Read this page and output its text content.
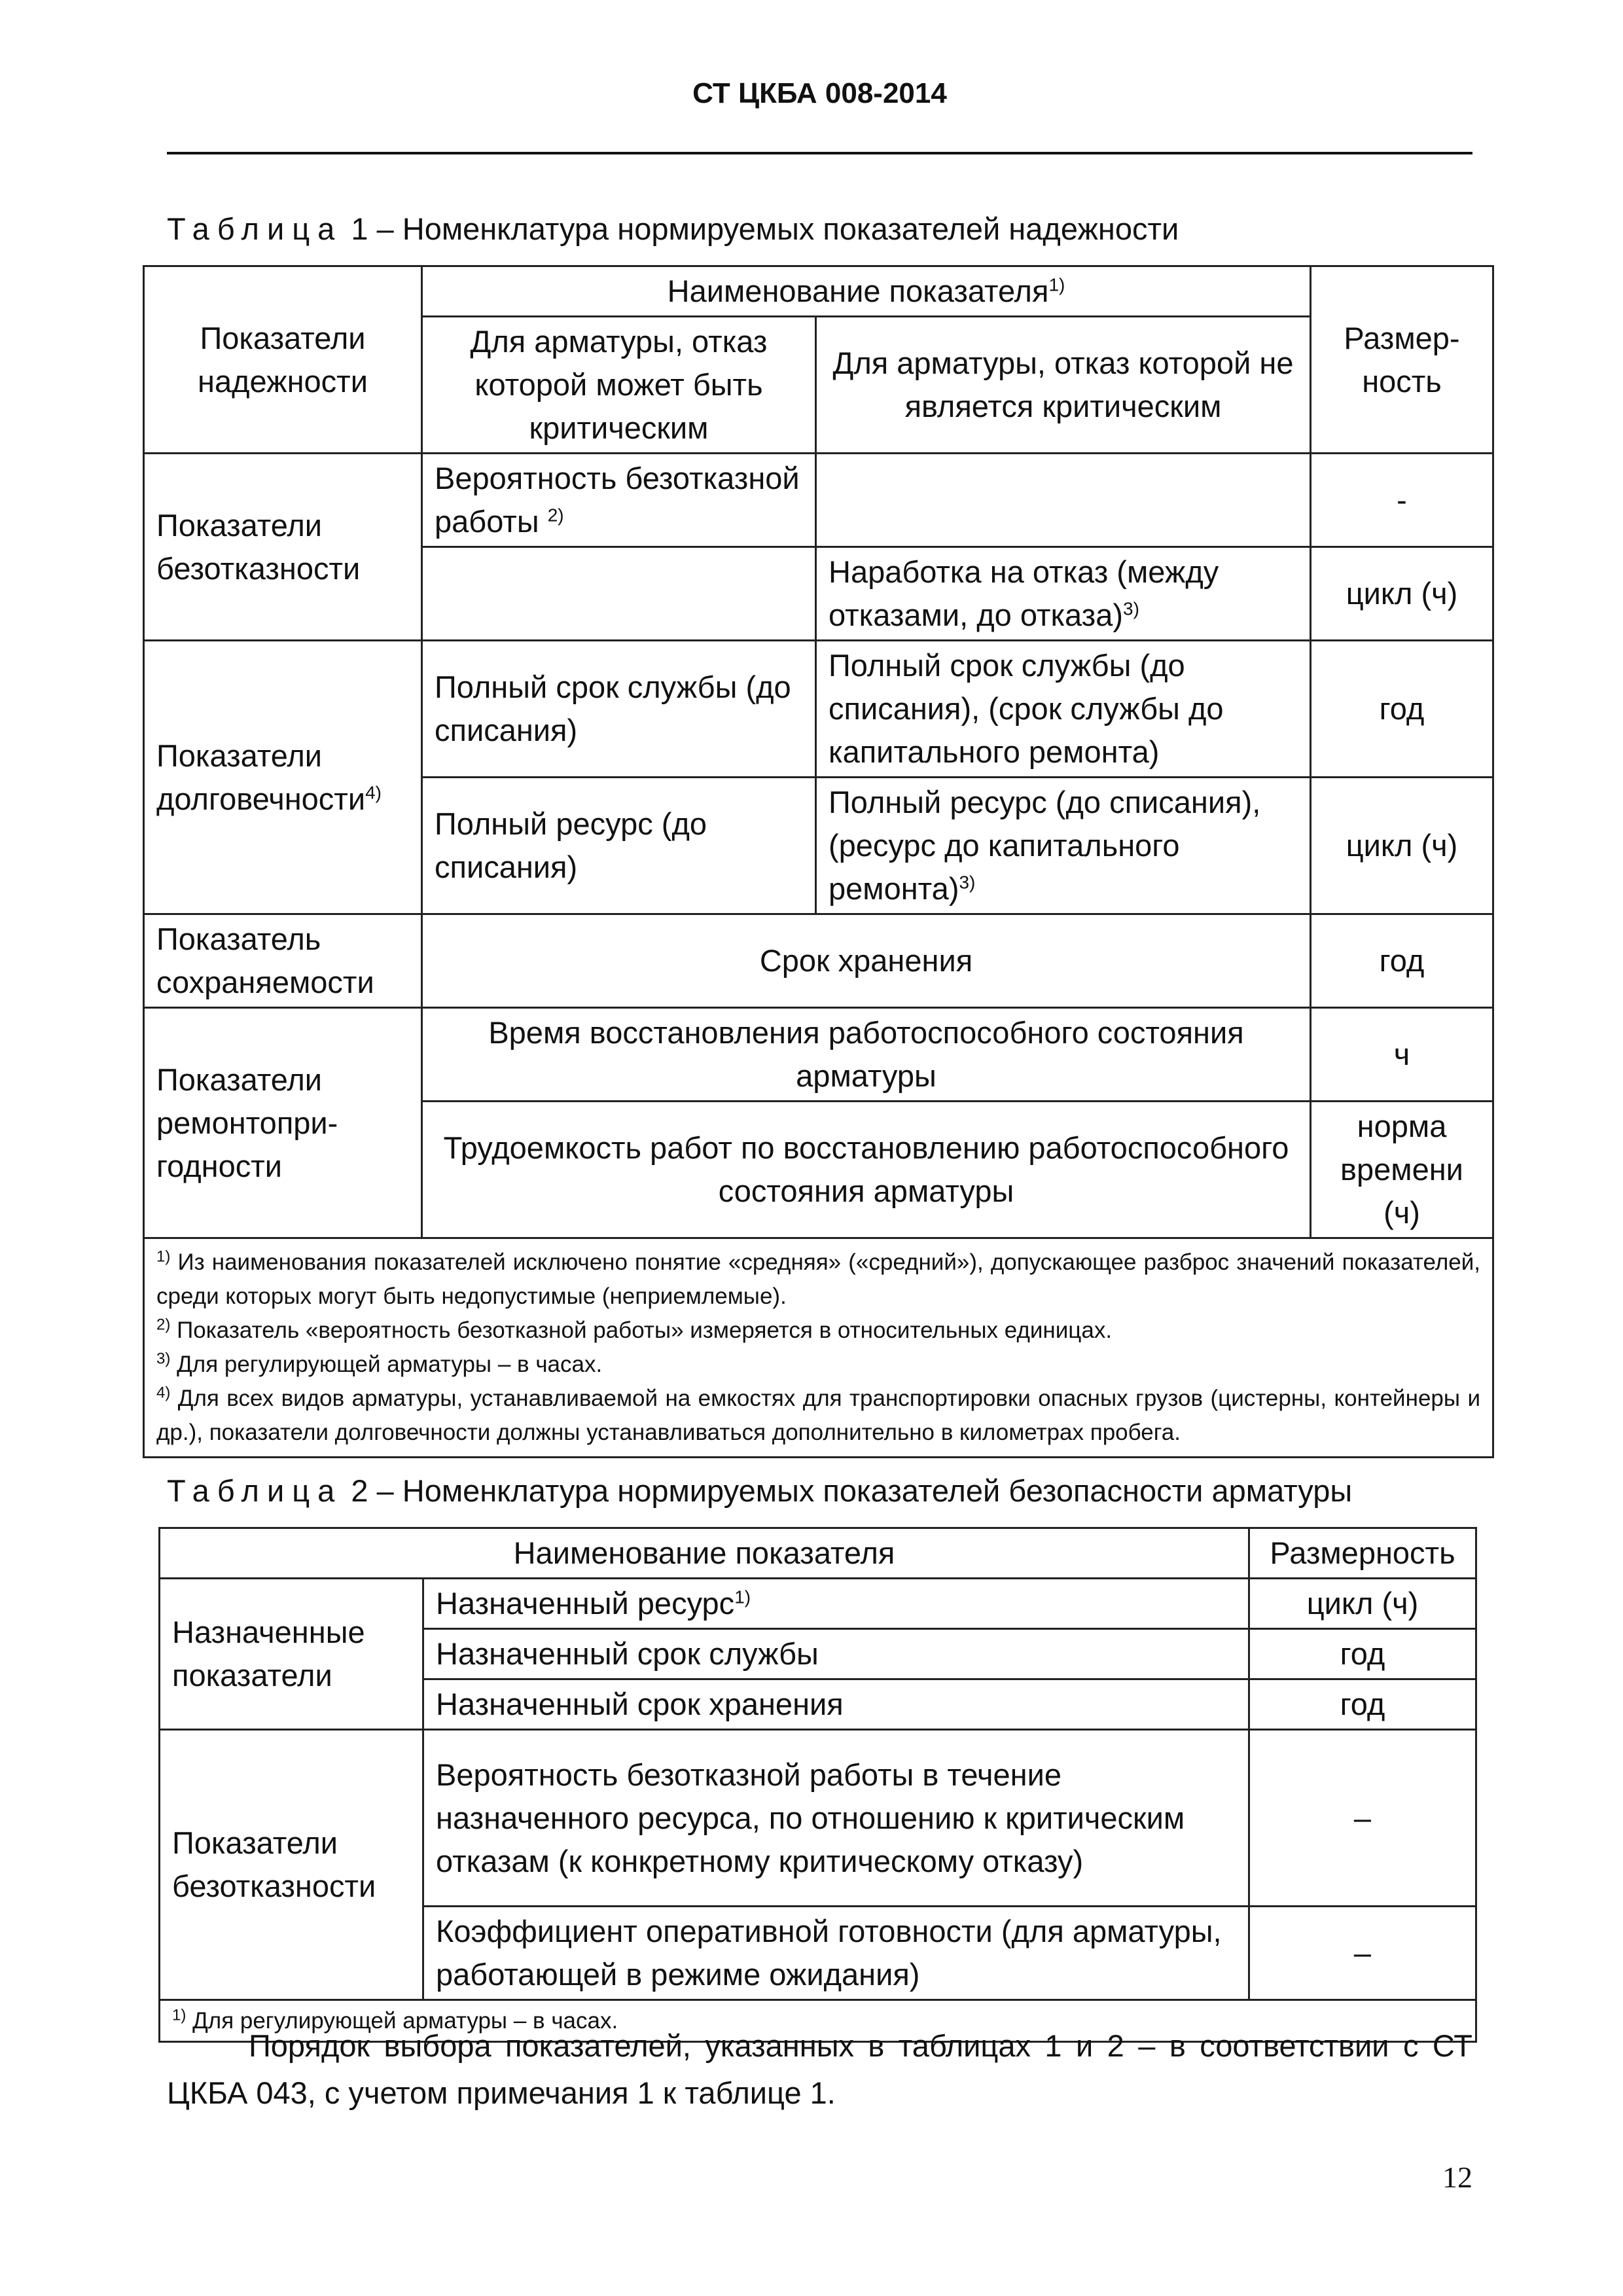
СТ ЦКБА 008-2014
Таблица 1 – Номенклатура нормируемых показателей надежности
Показатели надежности	Наименование показателя$^{1)}$		Размер-ность
	Для арматуры, отказ которой может быть критическим	Для арматуры, отказ которой не является критическим	
Показатели безотказности	Вероятность безотказной работы $^{2)}$		-
		Наработка на отказ (между отказами, до отказа)$^{3)}$	цикл (ч)
Показатели долговечности$^{4)}$	Полный срок службы (до списания)	Полный срок службы (до списания), (срок службы до капитального ремонта)	год
	Полный ресурс (до списания)	Полный ресурс (до списания), (ресурс до капитального ремонта)$^{3)}$	цикл (ч)
Показатель сохраняемости	Срок хранения		год
Показатели ремонтопри-годности	Время восстановления работоспособного состояния арматуры		ч
	Трудоемкость работ по восстановлению работоспособного состояния арматуры		норма времени (ч)

$^{1)}$ Из наименования показателей исключено понятие «средняя» («средний»), допускающее разброс значений показателей, среди которых могут быть недопустимые (неприемлемые).
$^{2)}$ Показатель «вероятность безотказной работы» измеряется в относительных единицах.
$^{3)}$ Для регулирующей арматуры – в часах.
$^{4)}$ Для всех видов арматуры, устанавливаемой на емкостях для транспортировки опасных грузов (цистерны, контейнеры и др.), показатели долговечности должны устанавливаться дополнительно в километрах пробега.			
Таблица 2 – Номенклатура нормируемых показателей безопасности арматуры
Наименование показателя		Размерность
Назначенные показатели	Назначенный ресурс$^{1)}$	цикл (ч)
	Назначенный срок службы	год
	Назначенный срок хранения	год
Показатели безотказности	Вероятность безотказной работы в течение назначенного ресурса, по отношению к критическим отказам (к конкретному критическому отказу)	–
	Коэффициент оперативной готовности (для арматуры, работающей в режиме ожидания)	–
$^{1)}$ Для регулирующей арматуры – в часах.		
Порядок выбора показателей, указанных в таблицах 1 и 2 – в соответствии с СТ ЦКБА 043, с учетом примечания 1 к таблице 1.
12
